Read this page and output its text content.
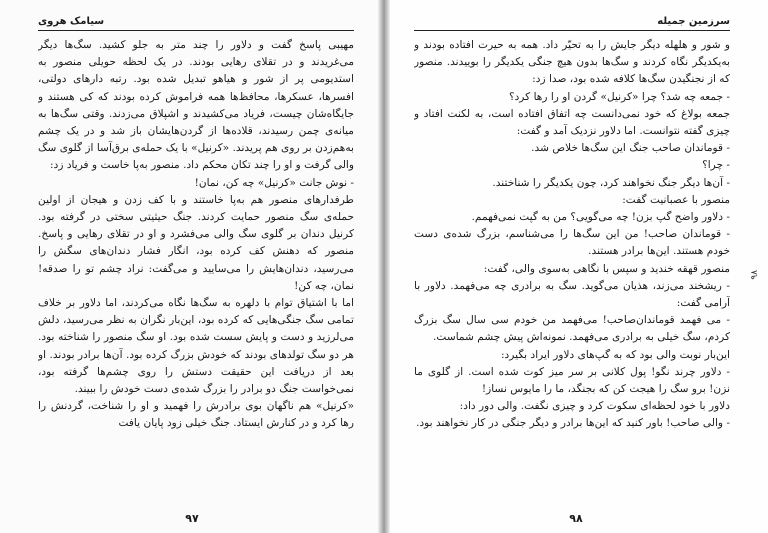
سیامک هروی

مهیبی پاسخ گفت و دلاور را چند متر به جلو کشید. سگ‌ها دیگر می‌غریدند و در تقلای رهایی بودند. در یک لحظه حویلی منصور به استدیومی پر از شور و هیاهو تبدیل شده بود. رتبه دارهای دولتی، افسرها، عسکرها، محافظ‌ها همه فراموش کرده بودند که کی هستند و جایگاه‌شان چیست، فریاد می‌کشیدند و اشپلاق می‌زدند. وقتی سگ‌ها به میانه‌ی چمن رسیدند، قلاده‌ها از گردن‌هایشان باز شد و در یک چشم به‌هم‌زدن بر روی هم پریدند. «کرنیل» با یک حمله‌ی برق‌آسا از گلوی سگ والی گرفت و او را چند تکان محکم داد. منصور به‌پا خاست و فریاد زد:

- نوش جانت «کرنیل» چه کن، نمان!

طرفدارهای منصور هم به‌پا خاستند و با کف زدن و هیجان از اولین حمله‌ی سگ منصور حمایت کردند. جنگ حیثیتی سختی در گرفته بود. کرنیل دندان بر گلوی سگ والی می‌فشرد و او در تقلای رهایی و پاسخ. منصور که دهنش کف کرده بود، انگار فشار دندان‌های سگش را می‌رسید، دندان‌هایش را می‌سایید و می‌گفت: نراد چشم تو را صدقه! نمان، چه کن!

اما با اشتیاق توام با دلهره به سگ‌ها نگاه می‌کردند، اما دلاور بر خلاف تمامی سگ جنگی‌هایی که کرده بود، این‌بار نگران به نظر می‌رسید، دلش می‌لرزید و دست و پایش سست شده بود. او سگ منصور را شناخته بود. هر دو سگ تولد‌های بودند که خودش بزرگ کرده بود. آن‌ها برادر بودند. او بعد از دریافت این حقیقت دستش را روی چشم‌ها گرفته بود، نمی‌خواست جنگ دو برادر را بزرگ شده‌ی دست خودش را ببیند.

«کرنیل» هم ناگهان بوی برادرش را فهمید و او را شناخت، گردنش را رها کرد و در کنارش ایستاد. جنگ خیلی زود پایان یافت

۹۷
سرزمین جمیله

و شور و هلهله دیگر جایش را به تحیّر داد. همه به حیرت افتاده بودند و به‌یکدیگر نگاه کردند و سگ‌ها بدون هیچ جنگی یکدیگر را بوییدند. منصور که از نجنگیدن سگ‌ها کلافه شده بود، صدا زد:

- جمعه چه شد؟ چرا «کرنیل» گردن او را رها کرد؟

جمعه بولاغ که خود نمی‌دانست چه اتفاق افتاده است، به لکنت افتاد و چیزی گفته نتوانست. اما دلاور نزدیک آمد و گفت:

- قوماندان صاحب جنگ این سگ‌ها خلاص شد.

- چرا؟

- آن‌ها دیگر جنگ نخواهند کرد، چون یکدیگر را شناختند.

منصور با عصبانیت گفت:

- دلاور واضح گپ بزن! چه می‌گویی؟ من به گپت نمی‌فهمم.

- قوماندان صاحب! من این سگ‌ها را می‌شناسم، بزرگ شده‌ی دست خودم هستند. این‌ها برادر هستند.

منصور قهقه خندید و سپس با نگاهی به‌سوی والی، گفت:

- ریشخند می‌زند، هذیان می‌گوید. سگ به برادری چه می‌فهمد. دلاور با آرامی گفت:

- می فهمد قوماندان‌صاحب! می‌فهمد من خودم سی سال سگ بزرگ کردم، سگ خیلی به برادری می‌فهمد. نمونه‌اش پیش چشم شماست.

این‌بار نوبت والی بود که به گپ‌های دلاور ایراد بگیرد:

- دلاور چرند نگو! پول کلانی بر سر میز کوت شده است. از گلوی ما نزن! برو سگ را هیجت کن که بجنگد، ما را مایوس نساز!

دلاور با خود لحظه‌ای سکوت کرد و چیزی نگفت. والی دور داد:

- والی صاحب! باور کنید که این‌ها برادر و دیگر جنگی در کار نخواهند بود.

۹۸
۹۸
